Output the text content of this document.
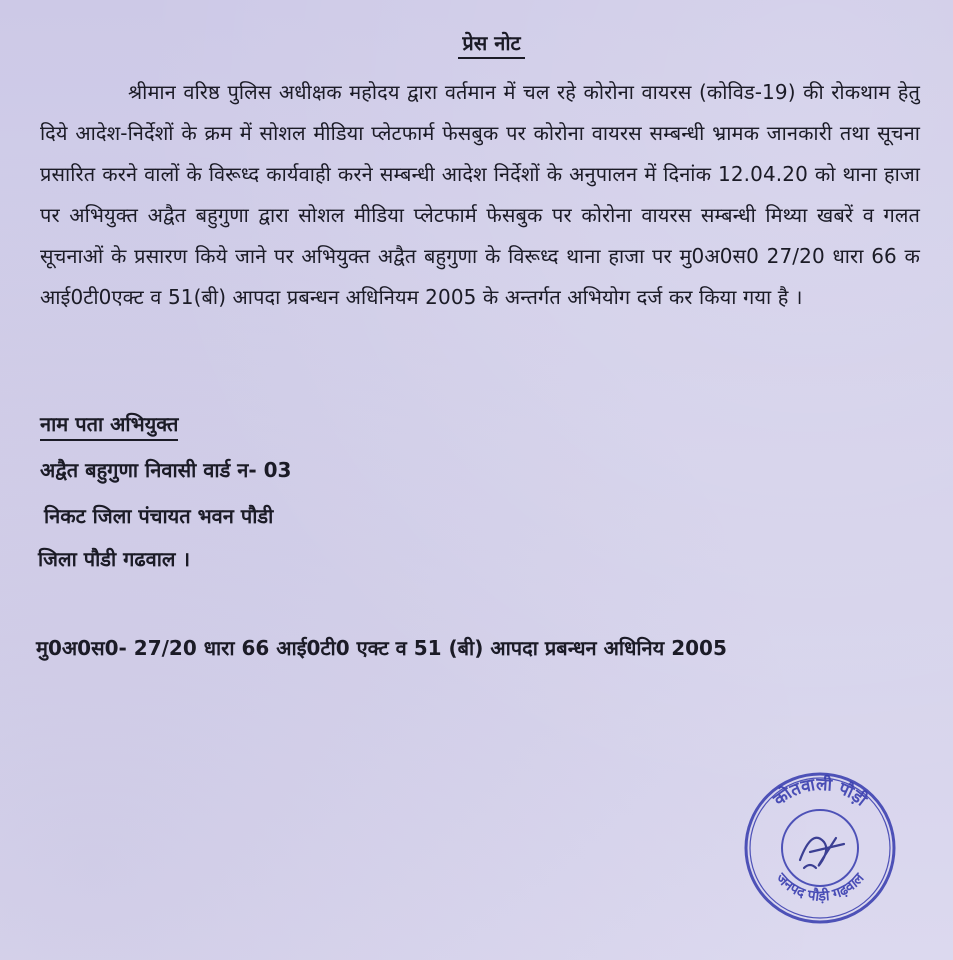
प्रेस नोट

श्रीमान वरिष्ठ पुलिस अधीक्षक महोदय द्वारा वर्तमान में चल रहे कोरोना वायरस (कोविड-19) की रोकथाम हेतु दिये आदेश-निर्देशों के क्रम में सोशल मीडिया प्लेटफार्म फेसबुक पर कोरोना वायरस सम्बन्धी भ्रामक जानकारी तथा सूचना प्रसारित करने वालों के विरूध्द कार्यवाही करने सम्बन्धी आदेश निर्देशों के अनुपालन में दिनांक 12.04.20 को थाना हाजा पर अभियुक्त अद्वैत बहुगुणा द्वारा सोशल मीडिया प्लेटफार्म फेसबुक पर कोरोना वायरस सम्बन्धी मिथ्या खबरें व गलत सूचनाओं के प्रसारण किये जाने पर अभियुक्त अद्वैत बहुगुणा के विरूध्द थाना हाजा पर मु0अ0स0 27/20 धारा 66 क आई0टी0एक्ट व 51(बी) आपदा प्रबन्धन अधिनियम 2005 के अन्तर्गत अभियोग दर्ज कर किया गया है ।

नाम पता अभियुक्त

अद्वैत बहुगुणा निवासी वार्ड न- 03

निकट जिला पंचायत भवन पौडी

जिला पौडी गढवाल ।

मु0अ0स0- 27/20 धारा 66 आई0टी0 एक्ट व 51 (बी) आपदा प्रबन्धन अधिनिय 2005

कोतवाली पौड़ी
जनपद पौड़ी गढ़वाल
